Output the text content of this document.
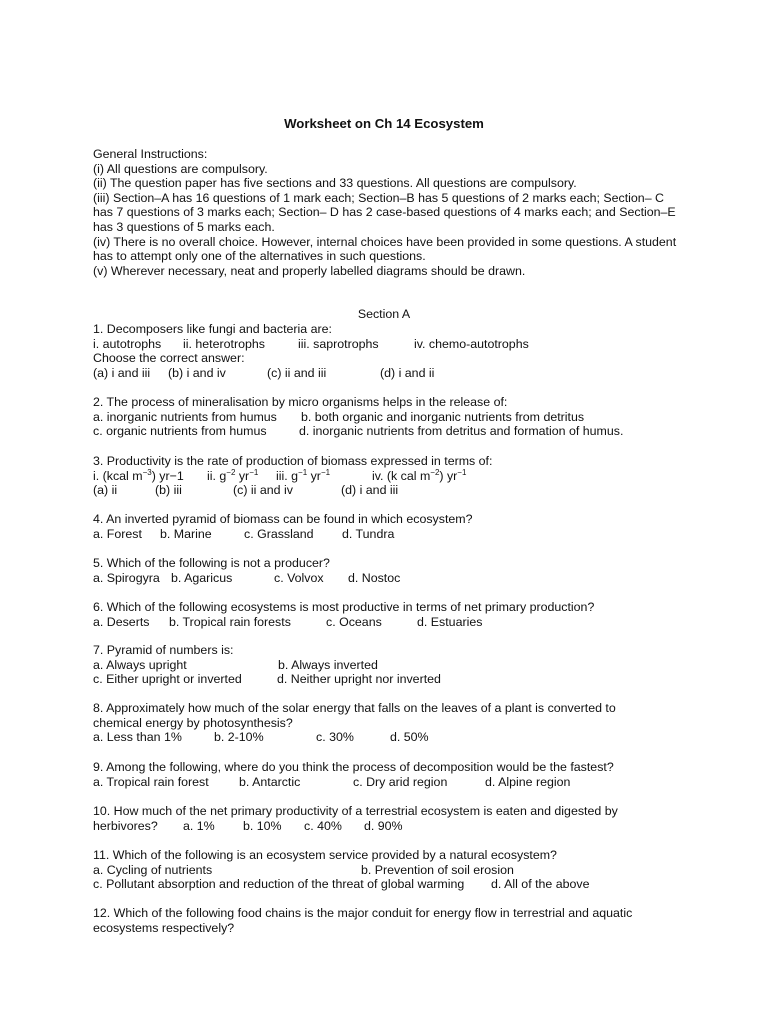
Worksheet on Ch 14 Ecosystem
General Instructions:
(i) All questions are compulsory.
(ii) The question paper has five sections and 33 questions. All questions are compulsory.
(iii) Section–A has 16 questions of 1 mark each; Section–B has 5 questions of 2 marks each; Section– C has 7 questions of 3 marks each; Section– D has 2 case-based questions of 4 marks each; and Section–E has 3 questions of 5 marks each.
(iv) There is no overall choice. However, internal choices have been provided in some questions. A student has to attempt only one of the alternatives in such questions.
(v) Wherever necessary, neat and properly labelled diagrams should be drawn.
Section A
1. Decomposers like fungi and bacteria are:
i. autotrophs ii. heterotrophs	iii. saprotrophs	iv. chemo-autotrophs
Choose the correct answer:
(a) i and iii (b) i and iv	(c) ii and iii	(d) i and ii
2. The process of mineralisation by micro organisms helps in the release of:
a. inorganic nutrients from humus b. both organic and inorganic nutrients from detritus
c. organic nutrients from humus	d. inorganic nutrients from detritus and formation of humus.
3. Productivity is the rate of production of biomass expressed in terms of:
i. (kcal $m^{-3}$) yr−1 ii. $g^{-2}$ $yr^{-1}$ iii. $g^{-1}$ $yr^{-1}$	iv. (k cal $m^{-2}$) $yr^{-1}$
(a) ii	(b) iii	(c) ii and iv	(d) i and iii
4. An inverted pyramid of biomass can be found in which ecosystem?
a. Forest b. Marine	c. Grassland d. Tundra
5. Which of the following is not a producer?
a. Spirogyra b. Agaricus	c. Volvox d. Nostoc
6. Which of the following ecosystems is most productive in terms of net primary production?
a. Deserts b. Tropical rain forests	c. Oceans	d. Estuaries
7. Pyramid of numbers is:
a. Always upright	b. Always inverted
c. Either upright or inverted	d. Neither upright nor inverted
8. Approximately how much of the solar energy that falls on the leaves of a plant is converted to
chemical energy by photosynthesis?
a. Less than 1%	b. 2-10%	c. 30%	d. 50%
9. Among the following, where do you think the process of decomposition would be the fastest?
a. Tropical rain forest b. Antarctic	c. Dry arid region	d. Alpine region
10. How much of the net primary productivity of a terrestrial ecosystem is eaten and digested by
herbivores? a. 1% b. 10% c. 40% d. 90%
11. Which of the following is an ecosystem service provided by a natural ecosystem?
a. Cycling of nutrients	b. Prevention of soil erosion
c. Pollutant absorption and reduction of the threat of global warming d. All of the above
12. Which of the following food chains is the major conduit for energy flow in terrestrial and aquatic
ecosystems respectively?
